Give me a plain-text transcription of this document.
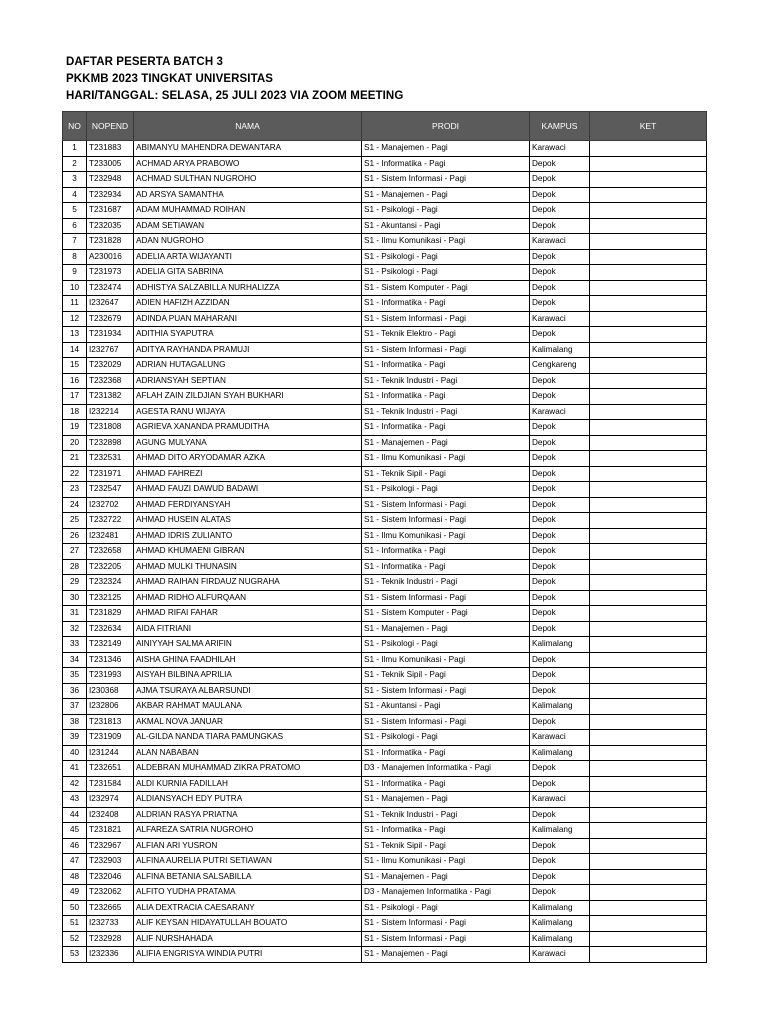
DAFTAR PESERTA BATCH 3
PKKMB 2023 TINGKAT UNIVERSITAS
HARI/TANGGAL: SELASA, 25 JULI 2023 VIA ZOOM MEETING
NO	NOPEND	NAMA	PRODI	KAMPUS	KET
1	T231883	ABIMANYU MAHENDRA DEWANTARA	S1 - Manajemen - Pagi	Karawaci	
2	T233005	ACHMAD ARYA PRABOWO	S1 - Informatika - Pagi	Depok	
3	T232948	ACHMAD SULTHAN NUGROHO	S1 - Sistem Informasi - Pagi	Depok	
4	T232934	AD ARSYA SAMANTHA	S1 - Manajemen - Pagi	Depok	
5	T231687	ADAM MUHAMMAD ROIHAN	S1 - Psikologi - Pagi	Depok	
6	T232035	ADAM SETIAWAN	S1 - Akuntansi - Pagi	Depok	
7	T231828	ADAN NUGROHO	S1 - Ilmu Komunikasi - Pagi	Karawaci	
8	A230016	ADELIA ARTA WIJAYANTI	S1 - Psikologi - Pagi	Depok	
9	T231973	ADELIA GITA SABRINA	S1 - Psikologi - Pagi	Depok	
10	T232474	ADHISTYA SALZABILLA NURHALIZZA	S1 - Sistem Komputer - Pagi	Depok	
11	I232647	ADIEN HAFIZH AZZIDAN	S1 - Informatika - Pagi	Depok	
12	T232679	ADINDA PUAN MAHARANI	S1 - Sistem Informasi - Pagi	Karawaci	
13	T231934	ADITHIA SYAPUTRA	S1 - Teknik Elektro - Pagi	Depok	
14	I232767	ADITYA RAYHANDA PRAMUJI	S1 - Sistem Informasi - Pagi	Kalimalang	
15	T232029	ADRIAN HUTAGALUNG	S1 - Informatika - Pagi	Cengkareng	
16	T232368	ADRIANSYAH SEPTIAN	S1 - Teknik Industri - Pagi	Depok	
17	T231382	AFLAH ZAIN ZILDJIAN SYAH BUKHARI	S1 - Informatika - Pagi	Depok	
18	I232214	AGESTA RANU WIJAYA	S1 - Teknik Industri - Pagi	Karawaci	
19	T231808	AGRIEVA XANANDA PRAMUDITHA	S1 - Informatika - Pagi	Depok	
20	T232898	AGUNG MULYANA	S1 - Manajemen - Pagi	Depok	
21	T232531	AHMAD DITO ARYODAMAR AZKA	S1 - Ilmu Komunikasi - Pagi	Depok	
22	T231971	AHMAD FAHREZI	S1 - Teknik Sipil - Pagi	Depok	
23	T232547	AHMAD FAUZI DAWUD BADAWI	S1 - Psikologi - Pagi	Depok	
24	I232702	AHMAD FERDIYANSYAH	S1 - Sistem Informasi - Pagi	Depok	
25	T232722	AHMAD HUSEIN ALATAS	S1 - Sistem Informasi - Pagi	Depok	
26	I232481	AHMAD IDRIS ZULIANTO	S1 - Ilmu Komunikasi - Pagi	Depok	
27	T232658	AHMAD KHUMAENI GIBRAN	S1 - Informatika - Pagi	Depok	
28	T232205	AHMAD MULKI THUNASIN	S1 - Informatika - Pagi	Depok	
29	T232324	AHMAD RAIHAN FIRDAUZ NUGRAHA	S1 - Teknik Industri - Pagi	Depok	
30	T232125	AHMAD RIDHO ALFURQAAN	S1 - Sistem Informasi - Pagi	Depok	
31	T231829	AHMAD RIFAI FAHAR	S1 - Sistem Komputer - Pagi	Depok	
32	T232634	AIDA FITRIANI	S1 - Manajemen - Pagi	Depok	
33	T232149	AINIYYAH SALMA ARIFIN	S1 - Psikologi - Pagi	Kalimalang	
34	T231346	AISHA GHINA FAADHILAH	S1 - Ilmu Komunikasi - Pagi	Depok	
35	T231993	AISYAH BILBINA APRILIA	S1 - Teknik Sipil - Pagi	Depok	
36	I230368	AJMA TSURAYA ALBARSUNDI	S1 - Sistem Informasi - Pagi	Depok	
37	I232806	AKBAR RAHMAT MAULANA	S1 - Akuntansi - Pagi	Kalimalang	
38	T231813	AKMAL NOVA JANUAR	S1 - Sistem Informasi - Pagi	Depok	
39	T231909	AL-GILDA NANDA TIARA PAMUNGKAS	S1 - Psikologi - Pagi	Karawaci	
40	I231244	ALAN NABABAN	S1 - Informatika - Pagi	Kalimalang	
41	T232651	ALDEBRAN MUHAMMAD ZIKRA PRATOMO	D3 - Manajemen Informatika - Pagi	Depok	
42	T231584	ALDI KURNIA FADILLAH	S1 - Informatika - Pagi	Depok	
43	I232974	ALDIANSYACH EDY PUTRA	S1 - Manajemen - Pagi	Karawaci	
44	I232408	ALDRIAN RASYA PRIATNA	S1 - Teknik Industri - Pagi	Depok	
45	T231821	ALFAREZA SATRIA NUGROHO	S1 - Informatika - Pagi	Kalimalang	
46	T232967	ALFIAN ARI YUSRON	S1 - Teknik Sipil - Pagi	Depok	
47	T232903	ALFINA AURELIA PUTRI SETIAWAN	S1 - Ilmu Komunikasi - Pagi	Depok	
48	T232046	ALFINA BETANIA SALSABILLA	S1 - Manajemen - Pagi	Depok	
49	T232062	ALFITO YUDHA PRATAMA	D3 - Manajemen Informatika - Pagi	Depok	
50	T232665	ALIA DEXTRACIA CAESARANY	S1 - Psikologi - Pagi	Kalimalang	
51	I232733	ALIF KEYSAN HIDAYATULLAH BOUATO	S1 - Sistem Informasi - Pagi	Kalimalang	
52	T232928	ALIF NURSHAHADA	S1 - Sistem Informasi - Pagi	Kalimalang	
53	I232336	ALIFIA ENGRISYA WINDIA PUTRI	S1 - Manajemen - Pagi	Karawaci	
